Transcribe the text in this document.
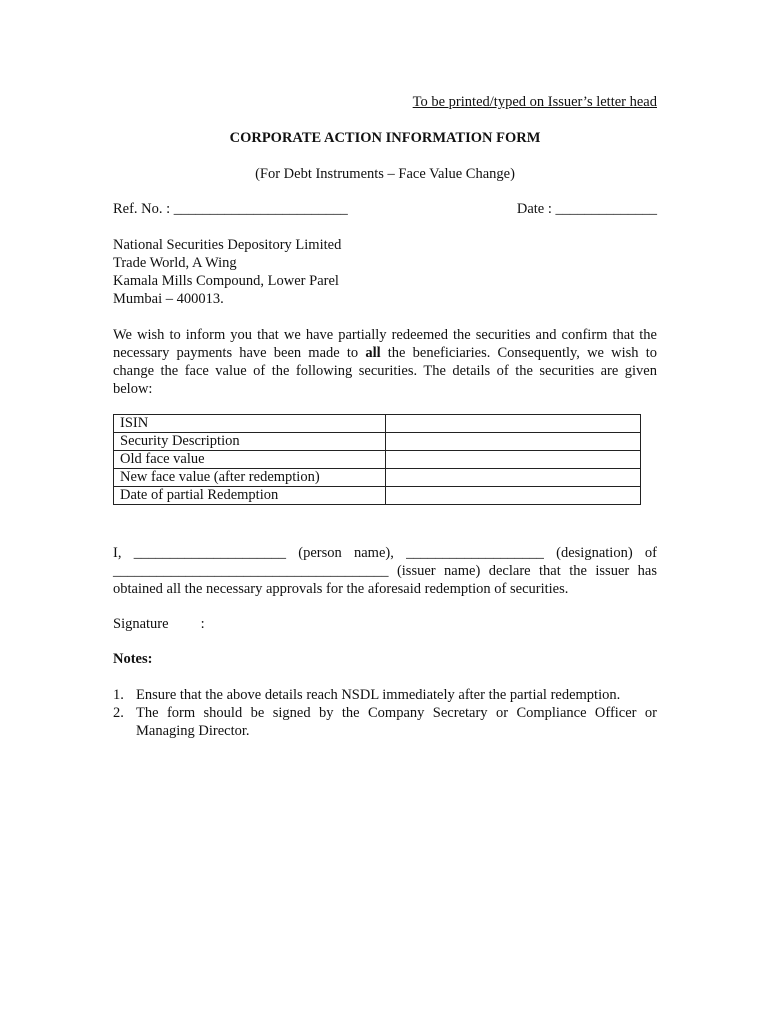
To be printed/typed on Issuer’s letter head
CORPORATE ACTION INFORMATION FORM
(For Debt Instruments – Face Value Change)
Ref. No. : ________________________	Date : ______________
National Securities Depository Limited
Trade World, A Wing
Kamala Mills Compound, Lower Parel
Mumbai – 400013.
We wish to inform you that we have partially redeemed the securities and confirm that the necessary payments have been made to all the beneficiaries. Consequently, we wish to change the face value of the following securities. The details of the securities are given below:
ISIN	
Security Description	
Old face value	
New face value (after redemption)	
Date of partial Redemption	
I, _____________________ (person name), ___________________ (designation) of ______________________________________ (issuer name) declare that the issuer has obtained all the necessary approvals for the aforesaid redemption of securities.
Signature :
Notes:
1. Ensure that the above details reach NSDL immediately after the partial redemption.
2. The form should be signed by the Company Secretary or Compliance Officer or Managing Director.
